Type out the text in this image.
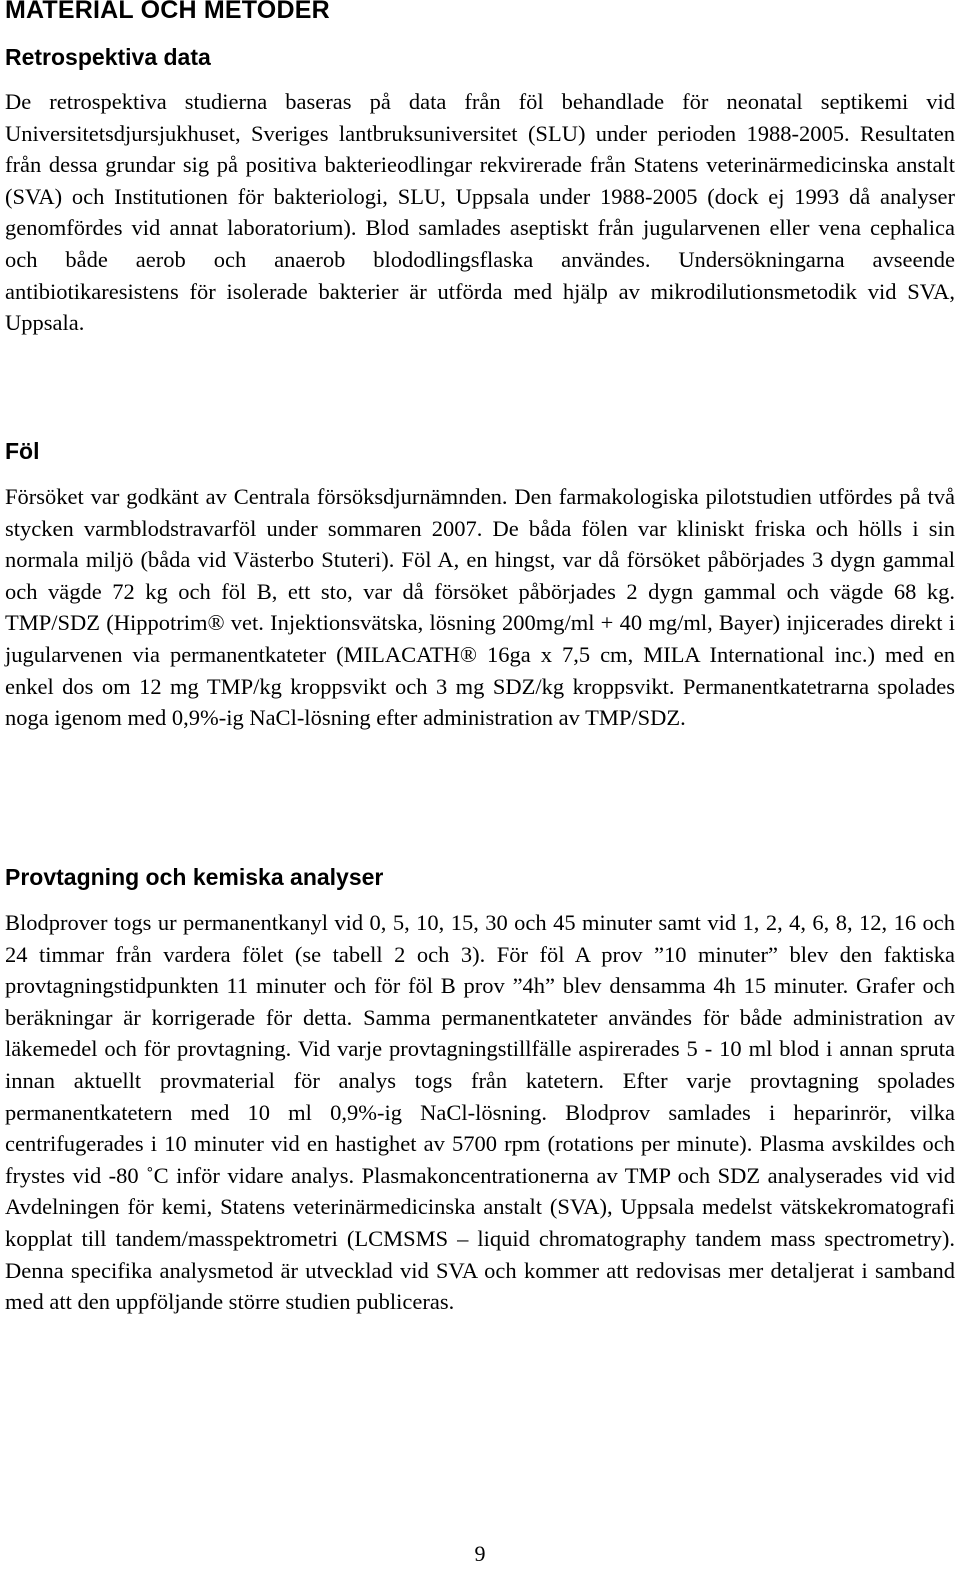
MATERIAL OCH METODER
Retrospektiva data

De retrospektiva studierna baseras på data från föl behandlade för neonatal septikemi vid Universitetsdjursjukhuset, Sveriges lantbruksuniversitet (SLU) under perioden 1988-2005. Resultaten från dessa grundar sig på positiva bakterieodlingar rekvirerade från Statens veterinärmedicinska anstalt (SVA) och Institutionen för bakteriologi, SLU, Uppsala under 1988-2005 (dock ej 1993 då analyser genomfördes vid annat laboratorium). Blod samlades aseptiskt från jugularvenen eller vena cephalica och både aerob och anaerob blododlingsflaska användes. Undersökningarna avseende antibiotikaresistens för isolerade bakterier är utförda med hjälp av mikrodilutionsmetodik vid SVA, Uppsala.

Föl

Försöket var godkänt av Centrala försöksdjurnämnden. Den farmakologiska pilotstudien utfördes på två stycken varmblodstravarföl under sommaren 2007. De båda fölen var kliniskt friska och hölls i sin normala miljö (båda vid Västerbo Stuteri). Föl A, en hingst, var då försöket påbörjades 3 dygn gammal och vägde 72 kg och föl B, ett sto, var då försöket påbörjades 2 dygn gammal och vägde 68 kg. TMP/SDZ (Hippotrim® vet. Injektionsvätska, lösning 200mg/ml + 40 mg/ml, Bayer) injicerades direkt i jugularvenen via permanentkateter (MILACATH® 16ga x 7,5 cm, MILA International inc.) med en enkel dos om 12 mg TMP/kg kroppsvikt och 3 mg SDZ/kg kroppsvikt. Permanentkatetrarna spolades noga igenom med 0,9%-ig NaCl-lösning efter administration av TMP/SDZ.

Provtagning och kemiska analyser

Blodprover togs ur permanentkanyl vid 0, 5, 10, 15, 30 och 45 minuter samt vid 1, 2, 4, 6, 8, 12, 16 och 24 timmar från vardera fölet (se tabell 2 och 3). För föl A prov ”10 minuter” blev den faktiska provtagningstidpunkten 11 minuter och för föl B prov ”4h” blev densamma 4h 15 minuter. Grafer och beräkningar är korrigerade för detta. Samma permanentkateter användes för både administration av läkemedel och för provtagning. Vid varje provtagningstillfälle aspirerades 5 - 10 ml blod i annan spruta innan aktuellt provmaterial för analys togs från katetern. Efter varje provtagning spolades permanentkatetern med 10 ml 0,9%-ig NaCl-lösning. Blodprov samlades i heparinrör, vilka centrifugerades i 10 minuter vid en hastighet av 5700 rpm (rotations per minute). Plasma avskildes och frystes vid -80 ˚C inför vidare analys. Plasmakoncentrationerna av TMP och SDZ analyserades vid vid Avdelningen för kemi, Statens veterinärmedicinska anstalt (SVA), Uppsala medelst vätskekromatografi kopplat till tandem/masspektrometri (LCMSMS – liquid chromatography tandem mass spectrometry). Denna specifika analysmetod är utvecklad vid SVA och kommer att redovisas mer detaljerat i samband med att den uppföljande större studien publiceras.

9
